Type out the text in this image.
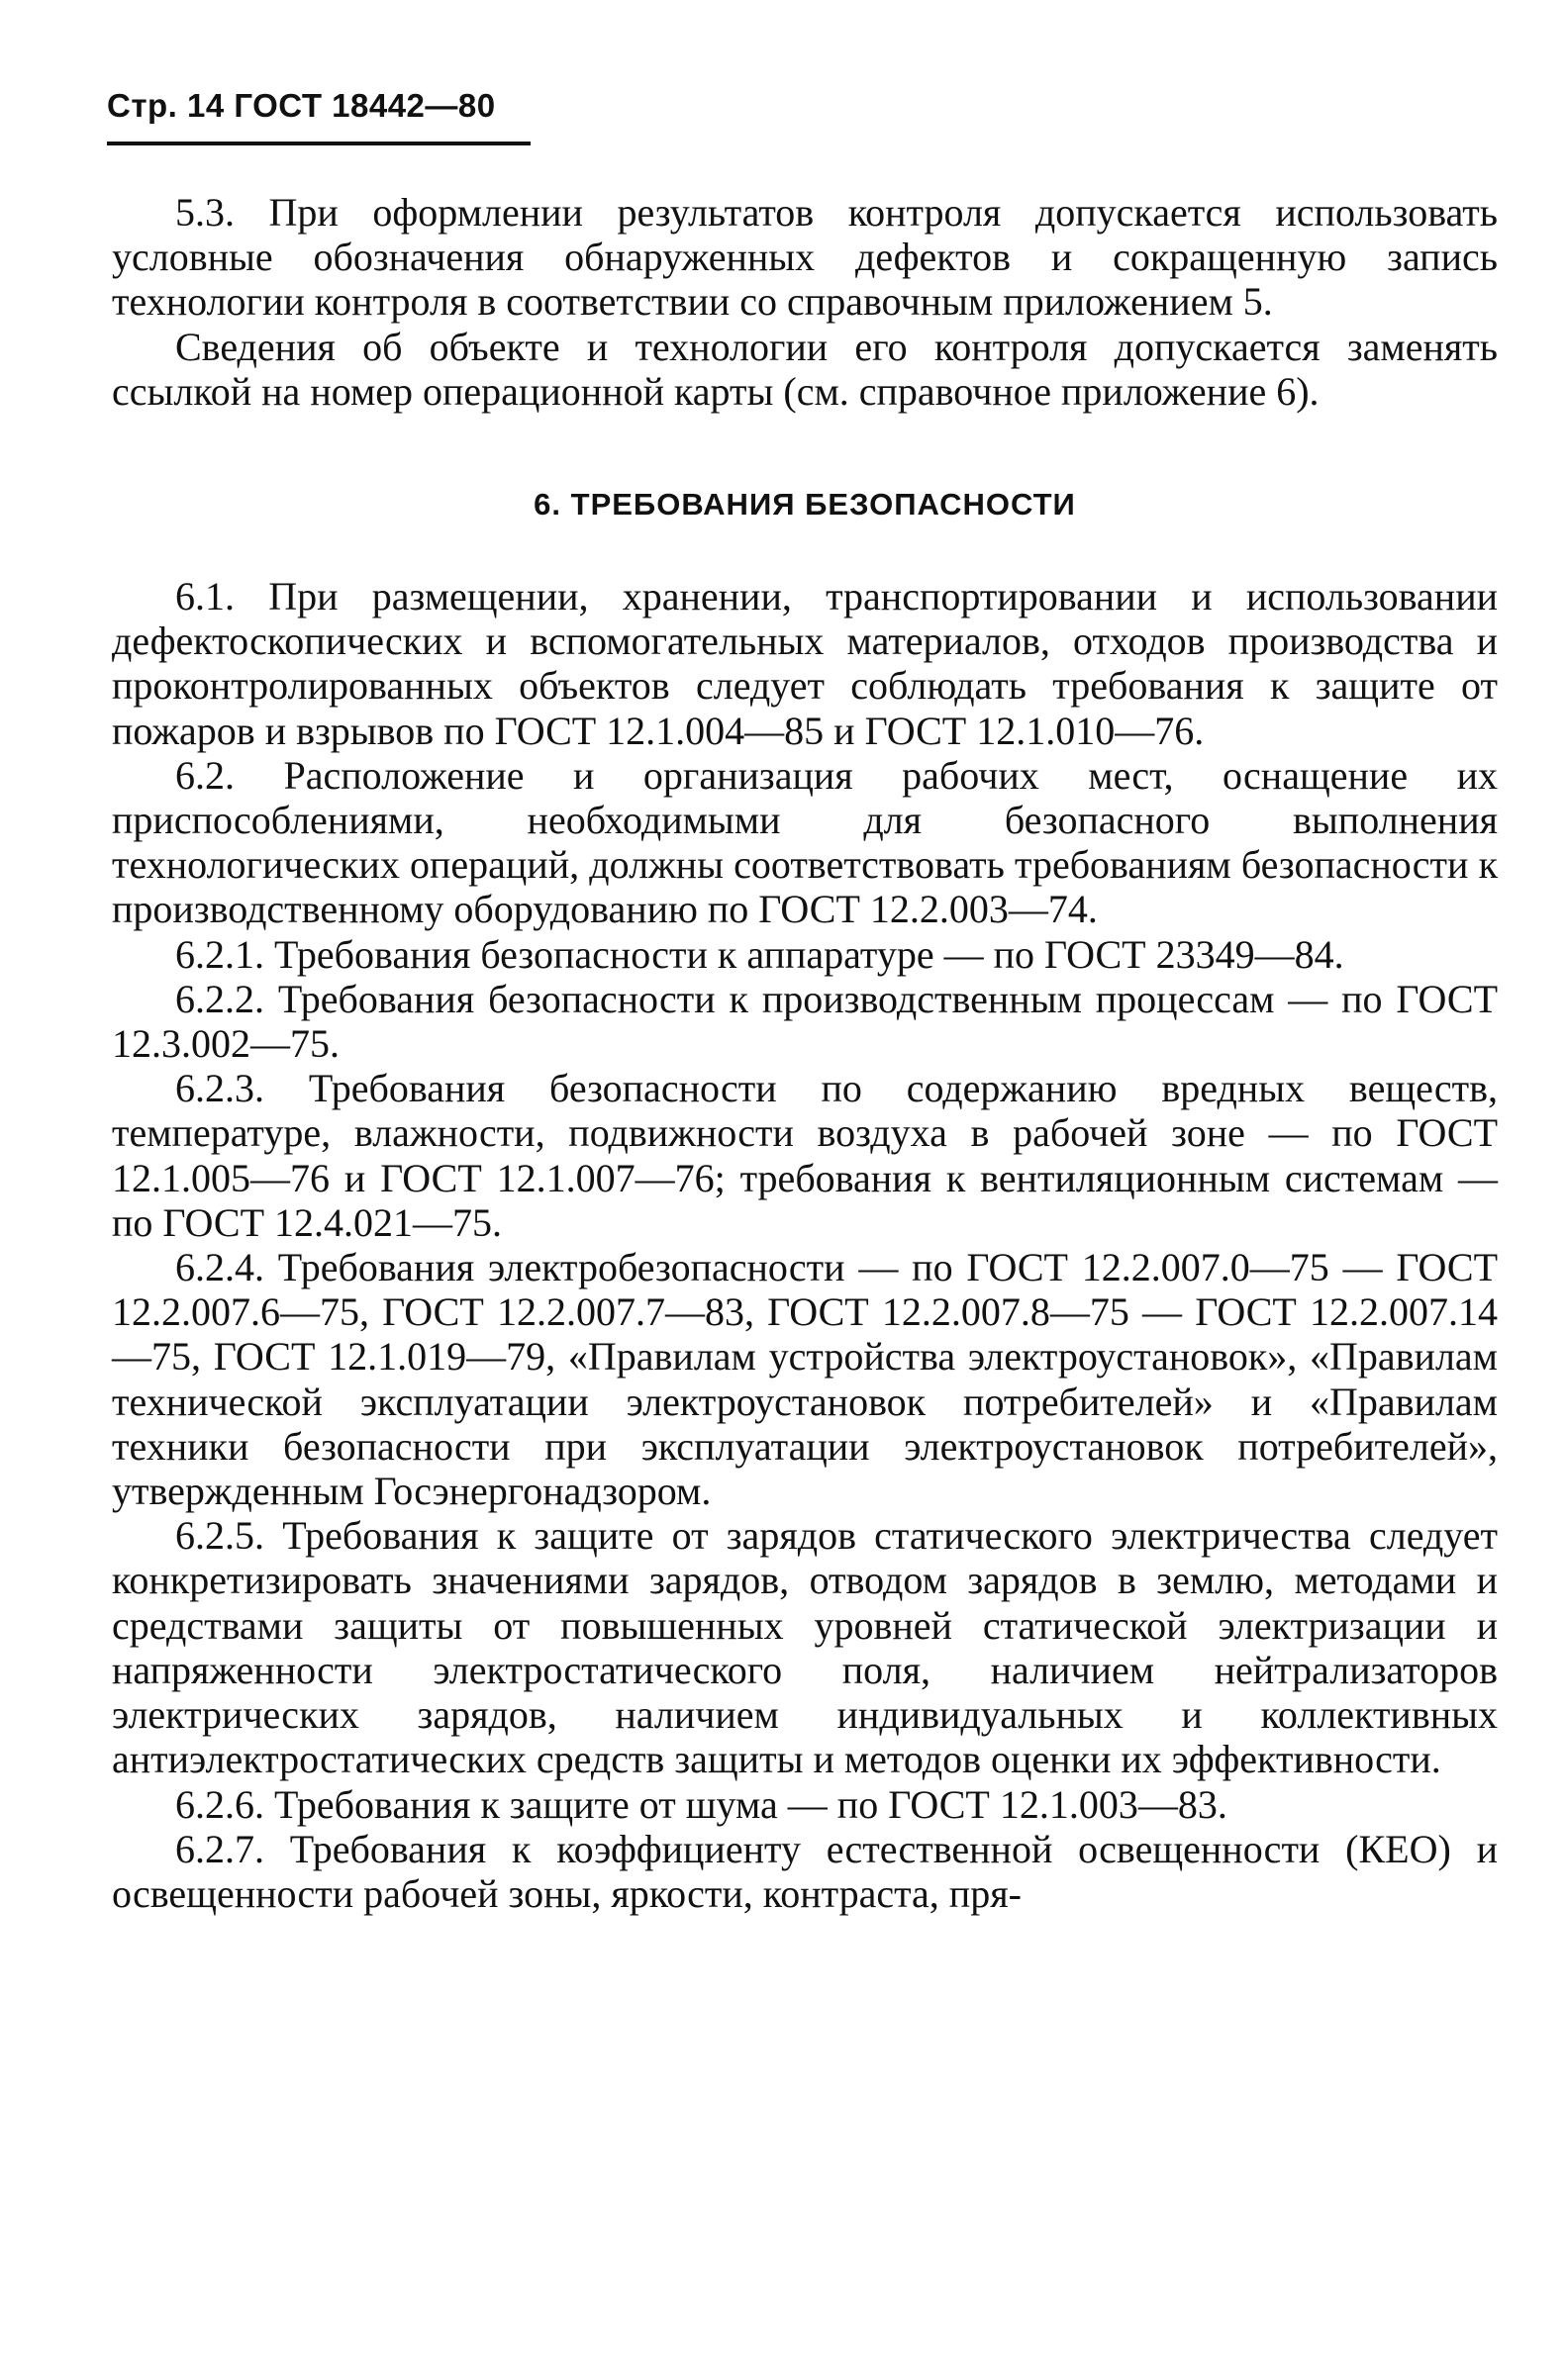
Стр. 14 ГОСТ 18442—80

5.3. При оформлении результатов контроля допускается использовать условные обозначения обнаруженных дефектов и сокращенную запись технологии контроля в соответствии со справочным приложением 5.

Сведения об объекте и технологии его контроля допускается заменять ссылкой на номер операционной карты (см. справочное приложение 6).

6. ТРЕБОВАНИЯ БЕЗОПАСНОСТИ

6.1. При размещении, хранении, транспортировании и использовании дефектоскопических и вспомогательных материалов, отходов производства и проконтролированных объектов следует соблюдать требования к защите от пожаров и взрывов по ГОСТ 12.1.004—85 и ГОСТ 12.1.010—76.

6.2. Расположение и организация рабочих мест, оснащение их приспособлениями, необходимыми для безопасного выполнения технологических операций, должны соответствовать требованиям безопасности к производственному оборудованию по ГОСТ 12.2.003—74.

6.2.1. Требования безопасности к аппаратуре — по ГОСТ 23349—84.

6.2.2. Требования безопасности к производственным процессам — по ГОСТ 12.3.002—75.

6.2.3. Требования безопасности по содержанию вредных веществ, температуре, влажности, подвижности воздуха в рабочей зоне — по ГОСТ 12.1.005—76 и ГОСТ 12.1.007—76; требования к вентиляционным системам — по ГОСТ 12.4.021—75.

6.2.4. Требования электробезопасности — по ГОСТ 12.2.007.0—75 — ГОСТ 12.2.007.6—75, ГОСТ 12.2.007.7—83, ГОСТ 12.2.007.8—75 — ГОСТ 12.2.007.14—75, ГОСТ 12.1.019—79, «Правилам устройства электроустановок», «Правилам технической эксплуатации электроустановок потребителей» и «Правилам техники безопасности при эксплуатации электроустановок потребителей», утвержденным Госэнергонадзором.

6.2.5. Требования к защите от зарядов статического электричества следует конкретизировать значениями зарядов, отводом зарядов в землю, методами и средствами защиты от повышенных уровней статической электризации и напряженности электростатического поля, наличием нейтрализаторов электрических зарядов, наличием индивидуальных и коллективных антиэлектростатических средств защиты и методов оценки их эффективности.

6.2.6. Требования к защите от шума — по ГОСТ 12.1.003—83.

6.2.7. Требования к коэффициенту естественной освещенности (КЕО) и освещенности рабочей зоны, яркости, контраста, пря-
